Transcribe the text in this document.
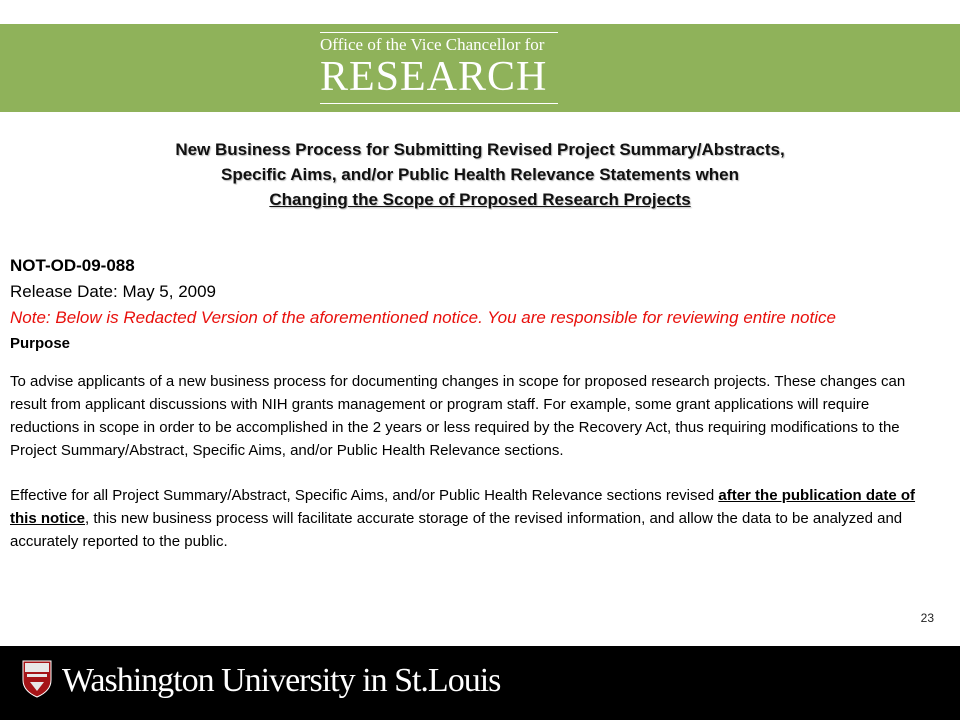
Office of the Vice Chancellor for
RESEARCH
New Business Process for Submitting Revised Project Summary/Abstracts,
Specific Aims, and/or Public Health Relevance Statements when
Changing the Scope of Proposed Research Projects
NOT-OD-09-088
Release Date: May 5, 2009
Note: Below is Redacted Version of the aforementioned notice. You are responsible for reviewing entire notice
Purpose
To advise applicants of a new business process for documenting changes in scope for proposed research projects. These changes can result from applicant discussions with NIH grants management or program staff. For example, some grant applications will require reductions in scope in order to be accomplished in the 2 years or less required by the Recovery Act, thus requiring modifications to the Project Summary/Abstract, Specific Aims, and/or Public Health Relevance sections.
Effective for all Project Summary/Abstract, Specific Aims, and/or Public Health Relevance sections revised after the publication date of this notice, this new business process will facilitate accurate storage of the revised information, and allow the data to be analyzed and accurately reported to the public.
23
Washington University in St.Louis
